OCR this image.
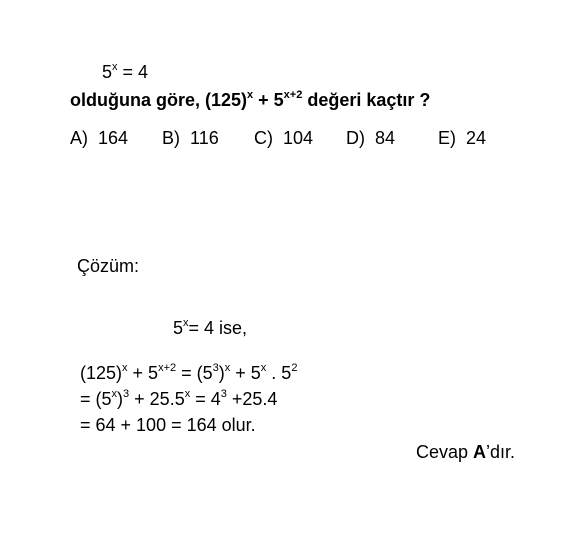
$5^x = 4$
olduğuna göre, $(125)^x + 5^{x+2}$ değeri kaçtır ?
A) 164 B) 116 C) 104 D) 84 E) 24
Çözüm:
$5^x= 4$ ise,
$(125)^x + 5^{x+2} = (5^3)^x + 5^x$ . $5^2$
= $(5^x)^3 + 25.5^x = 4^3 +25.4$
= 64 + 100 = 164 olur.
Cevap A’dır.
